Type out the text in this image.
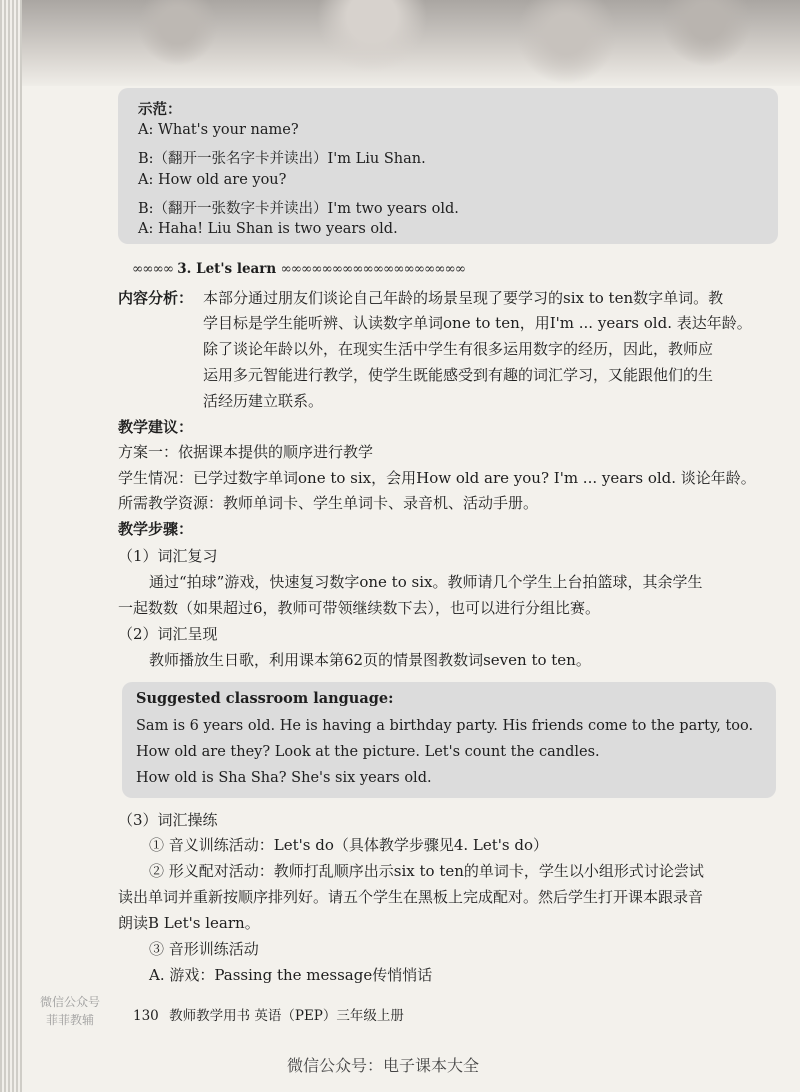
示范：
A: What's your name?
B:（翻开一张名字卡并读出）I'm Liu Shan.
A: How old are you?
B:（翻开一张数字卡并读出）I'm two years old.
A: Haha! Liu Shan is two years old.
∞∞∞∞ 3. Let's learn ∞∞∞∞∞∞∞∞∞∞∞∞∞∞∞∞∞∞
内容分析： 本部分通过朋友们谈论自己年龄的场景呈现了要学习的six to ten数字单词。教
学目标是学生能听辨、认读数字单词one to ten，用I'm ... years old. 表达年龄。
除了谈论年龄以外，在现实生活中学生有很多运用数字的经历，因此，教师应
运用多元智能进行教学，使学生既能感受到有趣的词汇学习，又能跟他们的生
活经历建立联系。
教学建议：
方案一：依据课本提供的顺序进行教学
学生情况：已学过数字单词one to six，会用How old are you? I'm ... years old. 谈论年龄。
所需教学资源：教师单词卡、学生单词卡、录音机、活动手册。
教学步骤：
（1）词汇复习
通过“拍球”游戏，快速复习数字one to six。教师请几个学生上台拍篮球，其余学生
一起数数（如果超过6，教师可带领继续数下去），也可以进行分组比赛。
（2）词汇呈现
教师播放生日歌，利用课本第62页的情景图教数词seven to ten。
Suggested classroom language:
Sam is 6 years old. He is having a birthday party. His friends come to the party, too.
How old are they? Look at the picture. Let's count the candles.
How old is Sha Sha? She's six years old.
（3）词汇操练
① 音义训练活动：Let's do（具体教学步骤见4. Let's do）
② 形义配对活动：教师打乱顺序出示six to ten的单词卡，学生以小组形式讨论尝试
读出单词并重新按顺序排列好。请五个学生在黑板上完成配对。然后学生打开课本跟录音
朗读B Let's learn。
③ 音形训练活动
A. 游戏：Passing the message传悄悄话
130 教师教学用书 英语（PEP）三年级上册
微信公众号：电子课本大全
微信公众号
菲菲教辅
